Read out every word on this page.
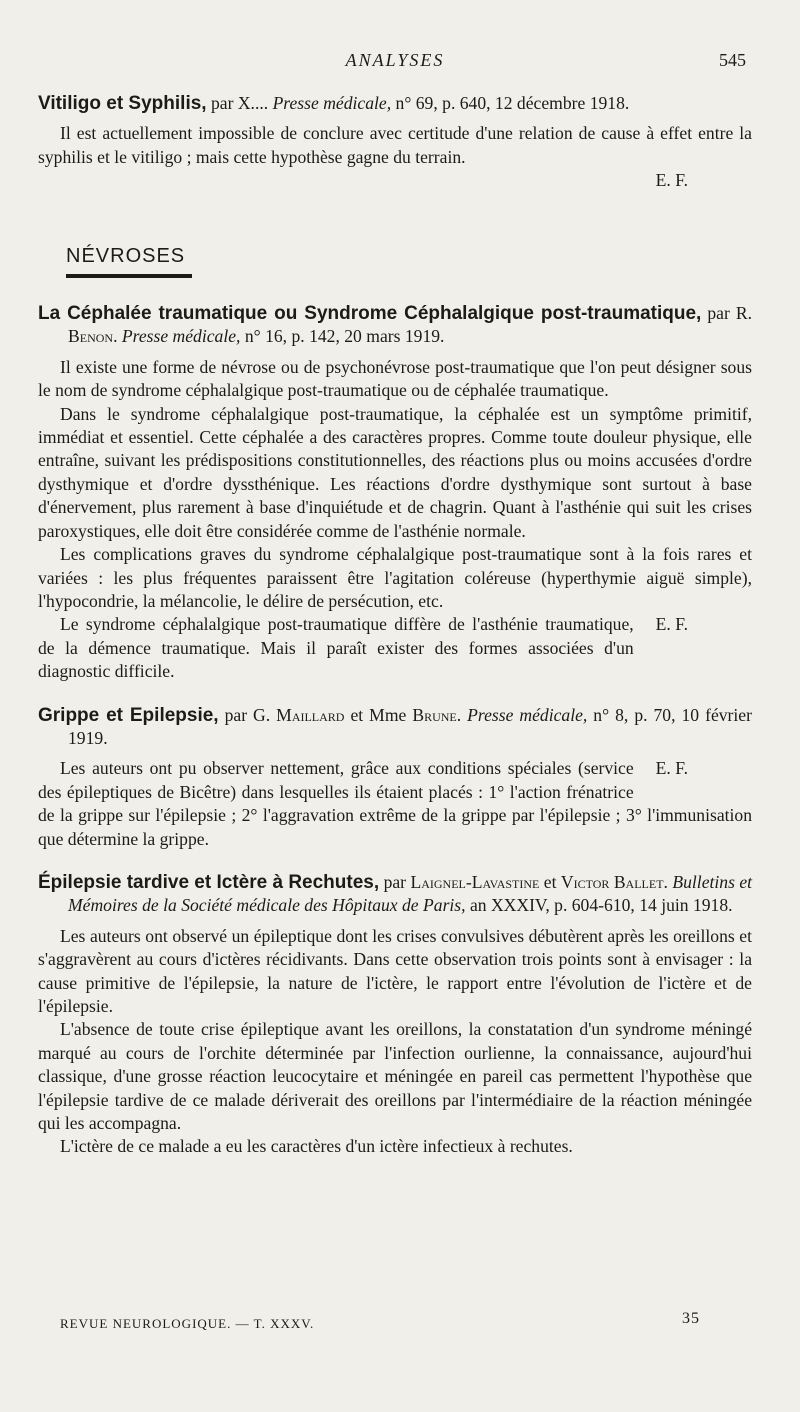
ANALYSES	545
Vitiligo et Syphilis, par X.... Presse médicale, n° 69, p. 640, 12 décembre 1918.

Il est actuellement impossible de conclure avec certitude d'une relation de cause à effet entre la syphilis et le vitiligo ; mais cette hypothèse gagne du terrain.

E. F.

NÉVROSES
La Céphalée traumatique ou Syndrome Céphalalgique post-traumatique, par R. Benon. Presse médicale, n° 16, p. 142, 20 mars 1919.

Il existe une forme de névrose ou de psychonévrose post-traumatique que l'on peut désigner sous le nom de syndrome céphalalgique post-traumatique ou de céphalée traumatique.

Dans le syndrome céphalalgique post-traumatique, la céphalée est un symptôme primitif, immédiat et essentiel. Cette céphalée a des caractères propres. Comme toute douleur physique, elle entraîne, suivant les prédispositions constitutionnelles, des réactions plus ou moins accusées d'ordre dysthymique et d'ordre dyssthénique. Les réactions d'ordre dysthymique sont surtout à base d'énervement, plus rarement à base d'inquiétude et de chagrin. Quant à l'asthénie qui suit les crises paroxystiques, elle doit être considérée comme de l'asthénie normale.

Les complications graves du syndrome céphalalgique post-traumatique sont à la fois rares et variées : les plus fréquentes paraissent être l'agitation coléreuse (hyperthymie aiguë simple), l'hypocondrie, la mélancolie, le délire de persécution, etc.

E. F.
Le syndrome céphalalgique post-traumatique diffère de l'asthénie traumatique, de la démence traumatique. Mais il paraît exister des formes associées d'un diagnostic difficile.

Grippe et Epilepsie, par G. Maillard et Mme Brune. Presse médicale, n° 8, p. 70, 10 février 1919.

E. F.
Les auteurs ont pu observer nettement, grâce aux conditions spéciales (service des épileptiques de Bicêtre) dans lesquelles ils étaient placés : 1° l'action frénatrice de la grippe sur l'épilepsie ; 2° l'aggravation extrême de la grippe par l'épilepsie ; 3° l'immunisation que détermine la grippe.

Épilepsie tardive et Ictère à Rechutes, par Laignel-Lavastine et Victor Ballet. Bulletins et Mémoires de la Société médicale des Hôpitaux de Paris, an XXXIV, p. 604-610, 14 juin 1918.

Les auteurs ont observé un épileptique dont les crises convulsives débutèrent après les oreillons et s'aggravèrent au cours d'ictères récidivants. Dans cette observation trois points sont à envisager : la cause primitive de l'épilepsie, la nature de l'ictère, le rapport entre l'évolution de l'ictère et de l'épilepsie.

L'absence de toute crise épileptique avant les oreillons, la constatation d'un syndrome méningé marqué au cours de l'orchite déterminée par l'infection ourlienne, la connaissance, aujourd'hui classique, d'une grosse réaction leucocytaire et méningée en pareil cas permettent l'hypothèse que l'épilepsie tardive de ce malade dériverait des oreillons par l'intermédiaire de la réaction méningée qui les accompagna.

L'ictère de ce malade a eu les caractères d'un ictère infectieux à rechutes.

REVUE NEUROLOGIQUE. — T. XXXV.	35
